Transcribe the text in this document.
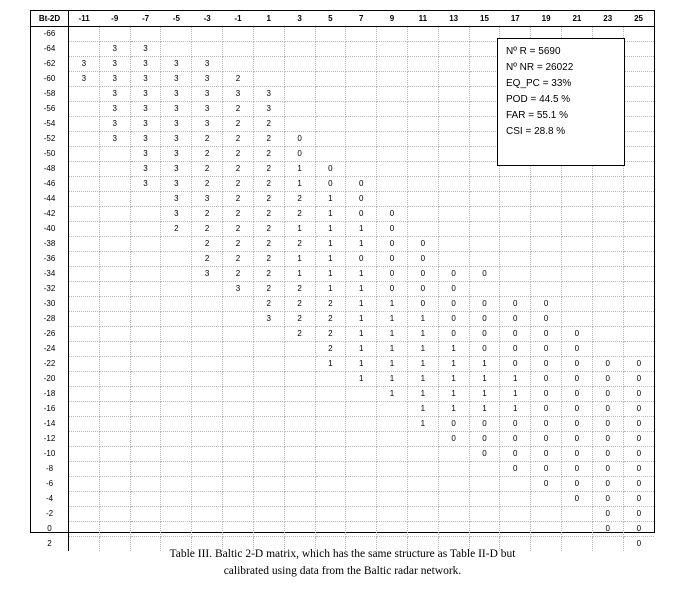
Bt-2D	-11	-9	-7	-5	-3	-1	1	3	5	7	9	11	13	15	17	19	21	23	25
-66																			
-64		3	3																
-62	3	3	3	3	3														
-60	3	3	3	3	3	2													
-58		3	3	3	3	3	3												
-56		3	3	3	3	2	3												
-54		3	3	3	3	2	2												
-52		3	3	3	2	2	2	0											
-50			3	3	2	2	2	0											
-48			3	3	2	2	2	1	0										
-46			3	3	2	2	2	1	0	0									
-44				3	3	2	2	2	1	0									
-42				3	2	2	2	2	1	0	0								
-40				2	2	2	2	1	1	1	0								
-38					2	2	2	2	1	1	0	0							
-36					2	2	2	1	1	0	0	0							
-34					3	2	2	1	1	1	0	0	0	0					
-32						3	2	2	1	1	0	0	0						
-30							2	2	2	1	1	0	0	0	0	0			
-28							3	2	2	1	1	1	0	0	0	0			
-26								2	2	1	1	1	0	0	0	0	0		
-24									2	1	1	1	1	0	0	0	0		
-22									1	1	1	1	1	1	0	0	0	0	0
-20										1	1	1	1	1	1	0	0	0	0
-18											1	1	1	1	1	0	0	0	0
-16												1	1	1	1	0	0	0	0
-14												1	0	0	0	0	0	0	0
-12													0	0	0	0	0	0	0
-10														0	0	0	0	0	0
-8															0	0	0	0	0
-6																0	0	0	0
-4																	0	0	0
-2																		0	0
0																		0	0
2																			0
Nº R = 5690
Nº NR = 26022
EQ_PC = 33%
POD = 44.5 %
FAR = 55.1 %
CSI = 28.8 %
Table III. Baltic 2-D matrix, which has the same structure as Table II-D but
calibrated using data from the Baltic radar network.
